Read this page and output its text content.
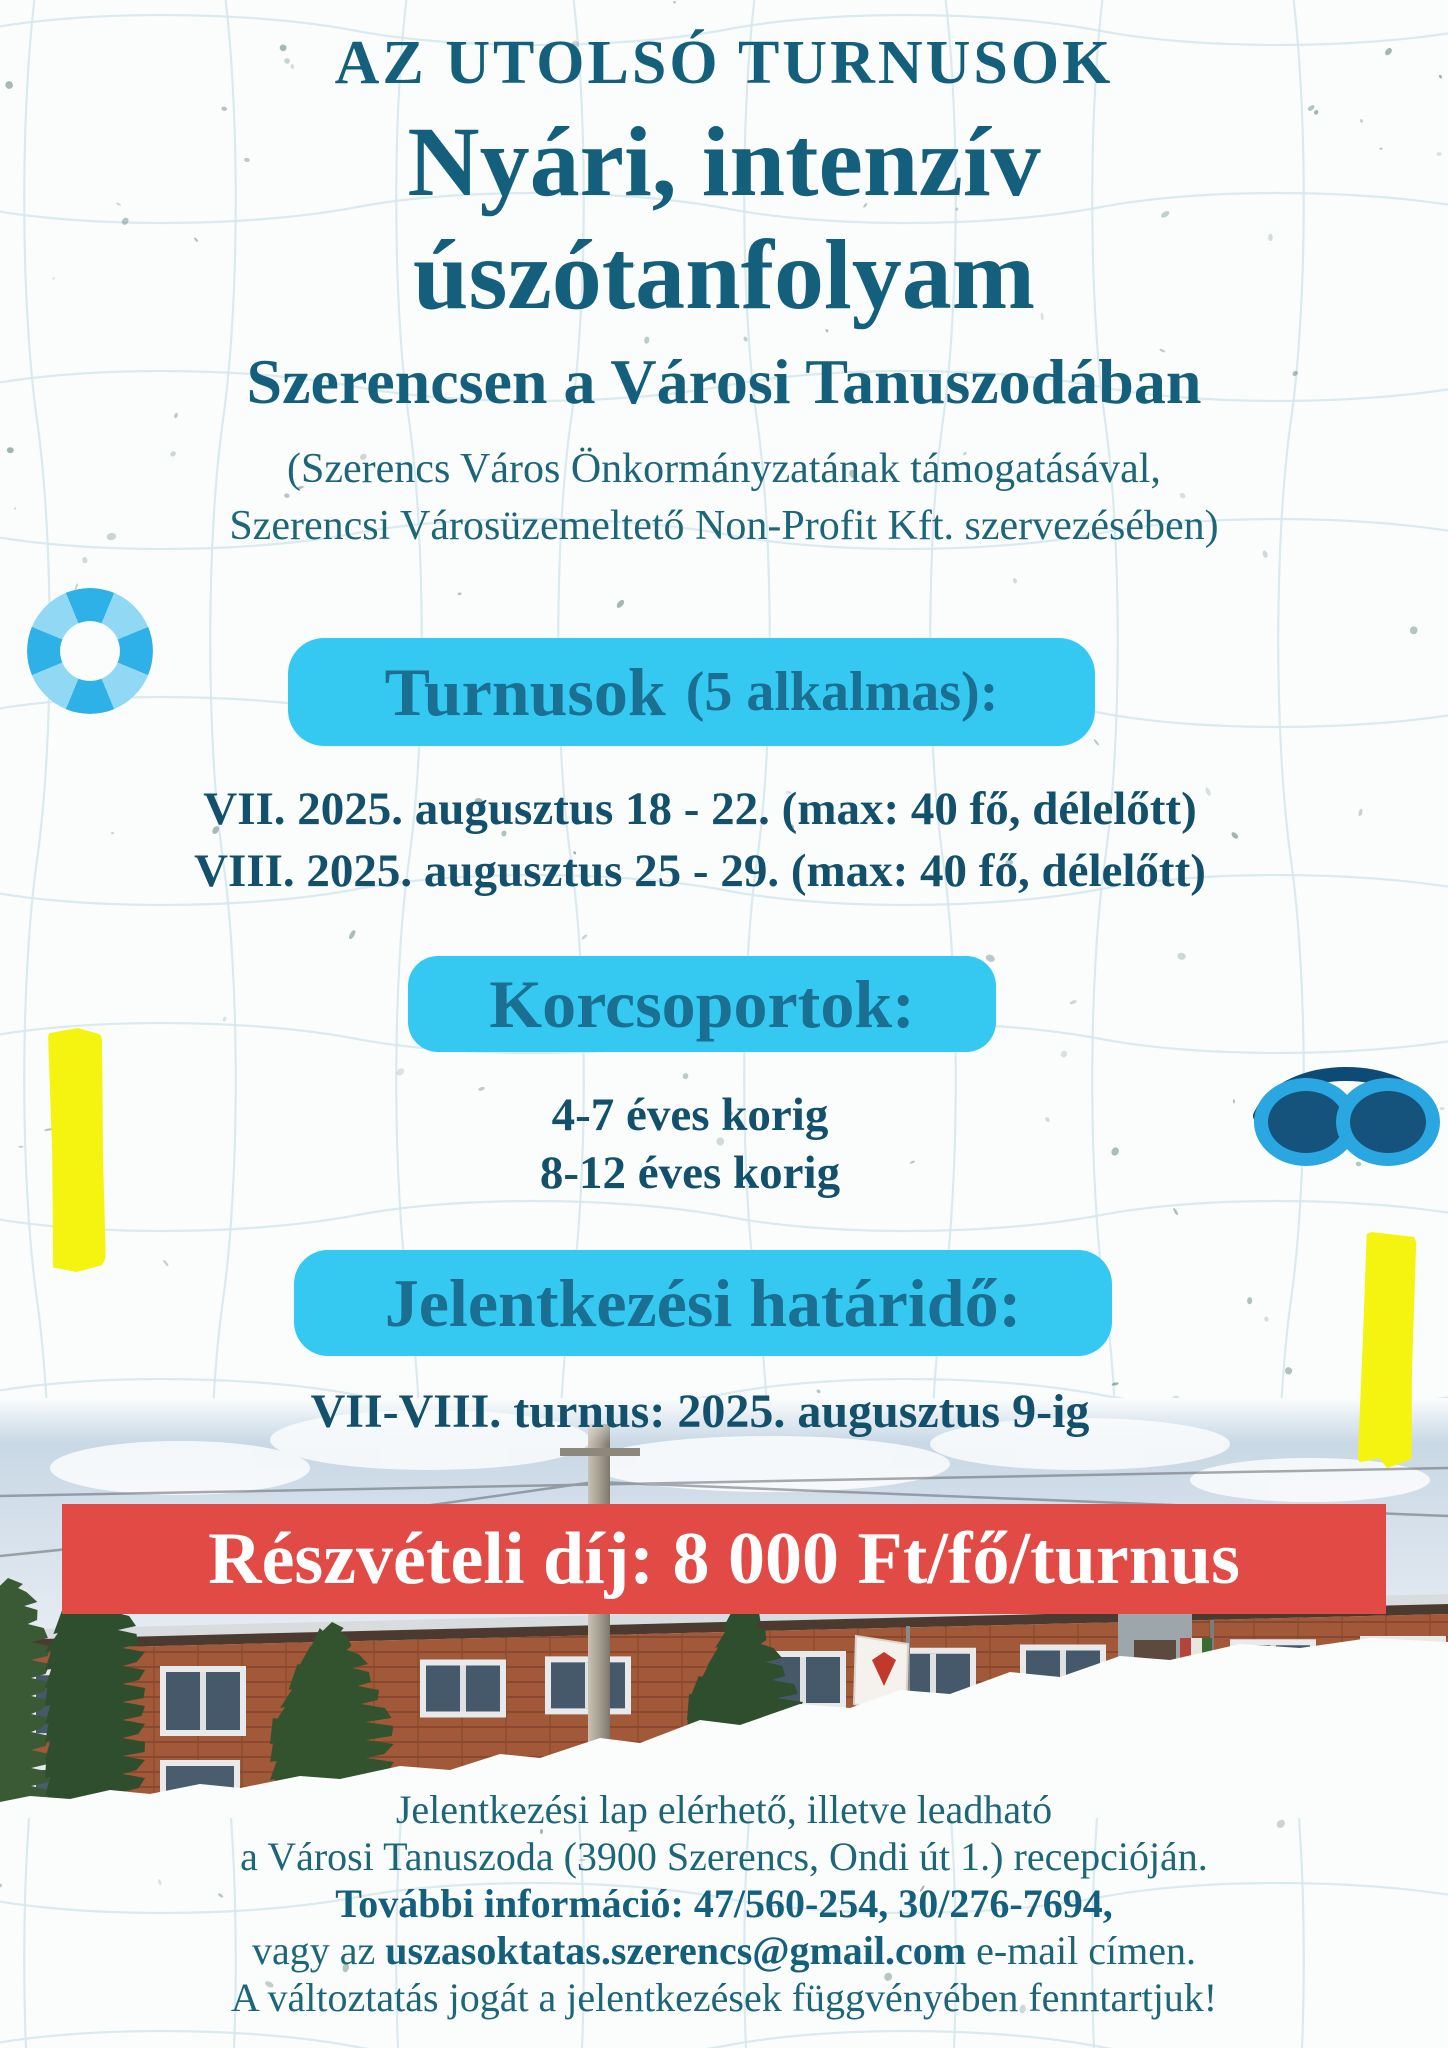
AZ UTOLSÓ TURNUSOK
Nyári, intenzív
úszótanfolyam
Szerencsen a Városi Tanuszodában
(Szerencs Város Önkormányzatának támogatásával,
Szerencsi Városüzemeltető Non-Profit Kft. szervezésében)
Turnusok (5 alkalmas):
VII. 2025. augusztus 18 - 22. (max: 40 fő, délelőtt)
VIII. 2025. augusztus 25 - 29. (max: 40 fő, délelőtt)
Korcsoportok:
4-7 éves korig
8-12 éves korig
Jelentkezési határidő:
VII-VIII. turnus: 2025. augusztus 9-ig
Részvételi díj: 8 000 Ft/fő/turnus
Jelentkezési lap elérhető, illetve leadható
a Városi Tanuszoda (3900 Szerencs, Ondi út 1.) recepcióján.
További információ: 47/560-254, 30/276-7694,
vagy az uszasoktatas.szerencs@gmail.com e-mail címen.
A változtatás jogát a jelentkezések függvényében fenntartjuk!
